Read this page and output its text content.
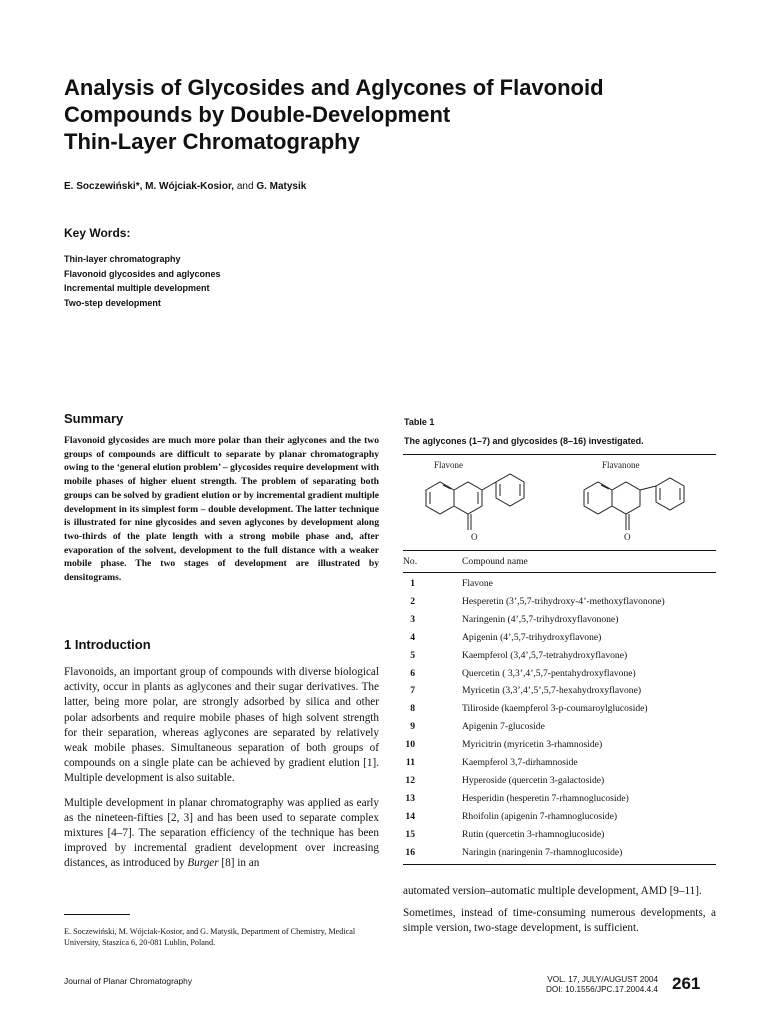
Analysis of Glycosides and Aglycones of Flavonoid
Compounds by Double-Development
Thin-Layer Chromatography
E. Soczewiński*, M. Wójciak-Kosior, and G. Matysik
Key Words:
Thin-layer chromatography
Flavonoid glycosides and aglycones
Incremental multiple development
Two-step development
Summary
Flavonoid glycosides are much more polar than their aglycones and the two groups of compounds are difficult to separate by planar chromatography owing to the ‘general elution problem’ – glycosides require development with mobile phases of higher eluent strength. The problem of separating both groups can be solved by gradient elution or by incremental gradient multiple development in its simplest form – double development. The latter technique is illustrated for nine glycosides and seven aglycones by development along two-thirds of the plate length with a strong mobile phase and, after evaporation of the solvent, development to the full distance with a weaker mobile phase. The two stages of development are illustrated by densitograms.
1 Introduction

Flavonoids, an important group of compounds with diverse biological activity, occur in plants as aglycones and their sugar derivatives. The latter, being more polar, are strongly adsorbed by silica and other polar adsorbents and require mobile phases of high solvent strength for their separation, whereas aglycones are separated by relatively weak mobile phases. Simultaneous separation of both groups of compounds on a single plate can be achieved by gradient elution [1]. Multiple development is also suitable.

Multiple development in planar chromatography was applied as early as the nineteen-fifties [2, 3] and has been used to separate complex mixtures [4–7]. The separation efficiency of the technique has been improved by incremental gradient development over increasing distances, as introduced by Burger [8] in an

E. Soczewiński, M. Wójciak-Kosior, and G. Matysik, Department of Chemistry, Medical University, Staszica 6, 20-081 Lublin, Poland.
Journal of Planar Chromatography	VOL. 17, JULY/AUGUST 2004
DOI: 10.1556/JPC.17.2004.4.4 261
Table 1
The aglycones (1–7) and glycosides (8–16) investigated.
Flavone
O
Flavanone
O
No.	Compound name
1	Flavone
2	Hesperetin (3’,5,7-trihydroxy-4’-methoxyflavonone)
3	Naringenin (4’,5,7-trihydroxyflavonone)
4	Apigenin (4’,5,7-trihydroxyflavone)
5	Kaempferol (3,4’,5,7-tetrahydroxyflavone)
6	Quercetin ( 3,3’,4’,5,7-pentahydroxyflavone)
7	Myricetin (3,3’,4’,5’,5,7-hexahydroxyflavone)
8	Tiliroside (kaempferol 3-p-coumaroylglucoside)
9	Apigenin 7-glucoside
10	Myricitrin (myricetin 3-rhamnoside)
11	Kaempferol 3,7-dirhamnoside
12	Hyperoside (quercetin 3-galactoside)
13	Hesperidin (hesperetin 7-rhamnoglucoside)
14	Rhoifolin (apigenin 7-rhamnoglucoside)
15	Rutin (quercetin 3-rhamnoglucoside)
16	Naringin (naringenin 7-rhamnoglucoside)

automated version–automatic multiple development, AMD [9–11].

Sometimes, instead of time-consuming numerous developments, a simple version, two-stage development, is sufficient.
